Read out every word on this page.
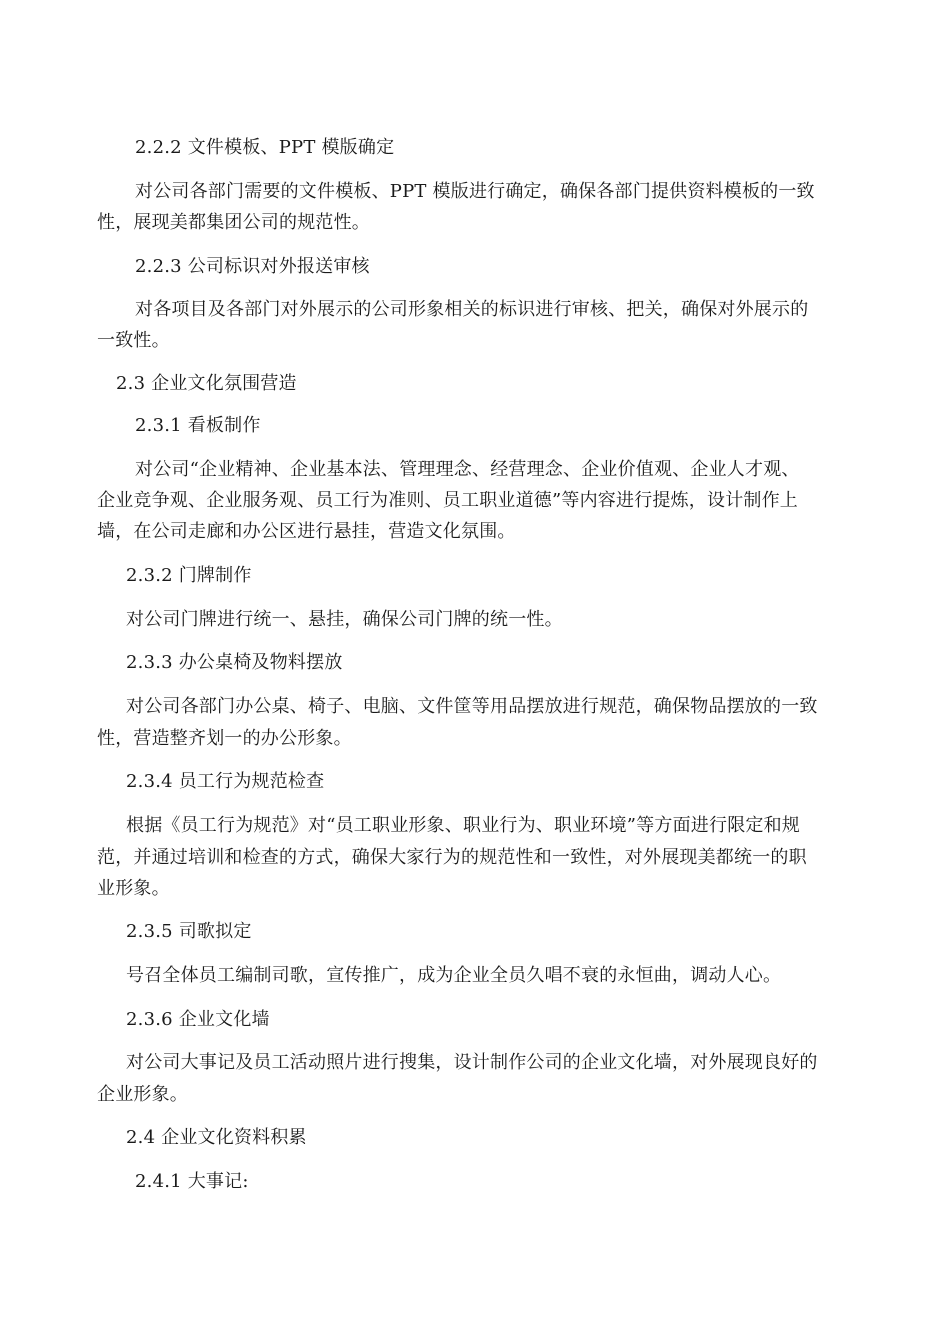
2.2.2 文件模板、PPT 模版确定
对公司各部门需要的文件模板、PPT 模版进行确定，确保各部门提供资料模板的一致
性，展现美都集团公司的规范性。
2.2.3 公司标识对外报送审核
对各项目及各部门对外展示的公司形象相关的标识进行审核、把关，确保对外展示的
一致性。
2.3 企业文化氛围营造
2.3.1 看板制作
对公司“企业精神、企业基本法、管理理念、经营理念、企业价值观、企业人才观、
企业竞争观、企业服务观、员工行为准则、员工职业道德”等内容进行提炼，设计制作上
墙，在公司走廊和办公区进行悬挂，营造文化氛围。
2.3.2 门牌制作
对公司门牌进行统一、悬挂，确保公司门牌的统一性。
2.3.3 办公桌椅及物料摆放
对公司各部门办公桌、椅子、电脑、文件筐等用品摆放进行规范，确保物品摆放的一致
性，营造整齐划一的办公形象。
2.3.4 员工行为规范检查
根据《员工行为规范》对“员工职业形象、职业行为、职业环境”等方面进行限定和规
范，并通过培训和检查的方式，确保大家行为的规范性和一致性，对外展现美都统一的职
业形象。
2.3.5 司歌拟定
号召全体员工编制司歌，宣传推广，成为企业全员久唱不衰的永恒曲，调动人心。
2.3.6 企业文化墙
对公司大事记及员工活动照片进行搜集，设计制作公司的企业文化墙，对外展现良好的
企业形象。
2.4 企业文化资料积累
2.4.1 大事记:
